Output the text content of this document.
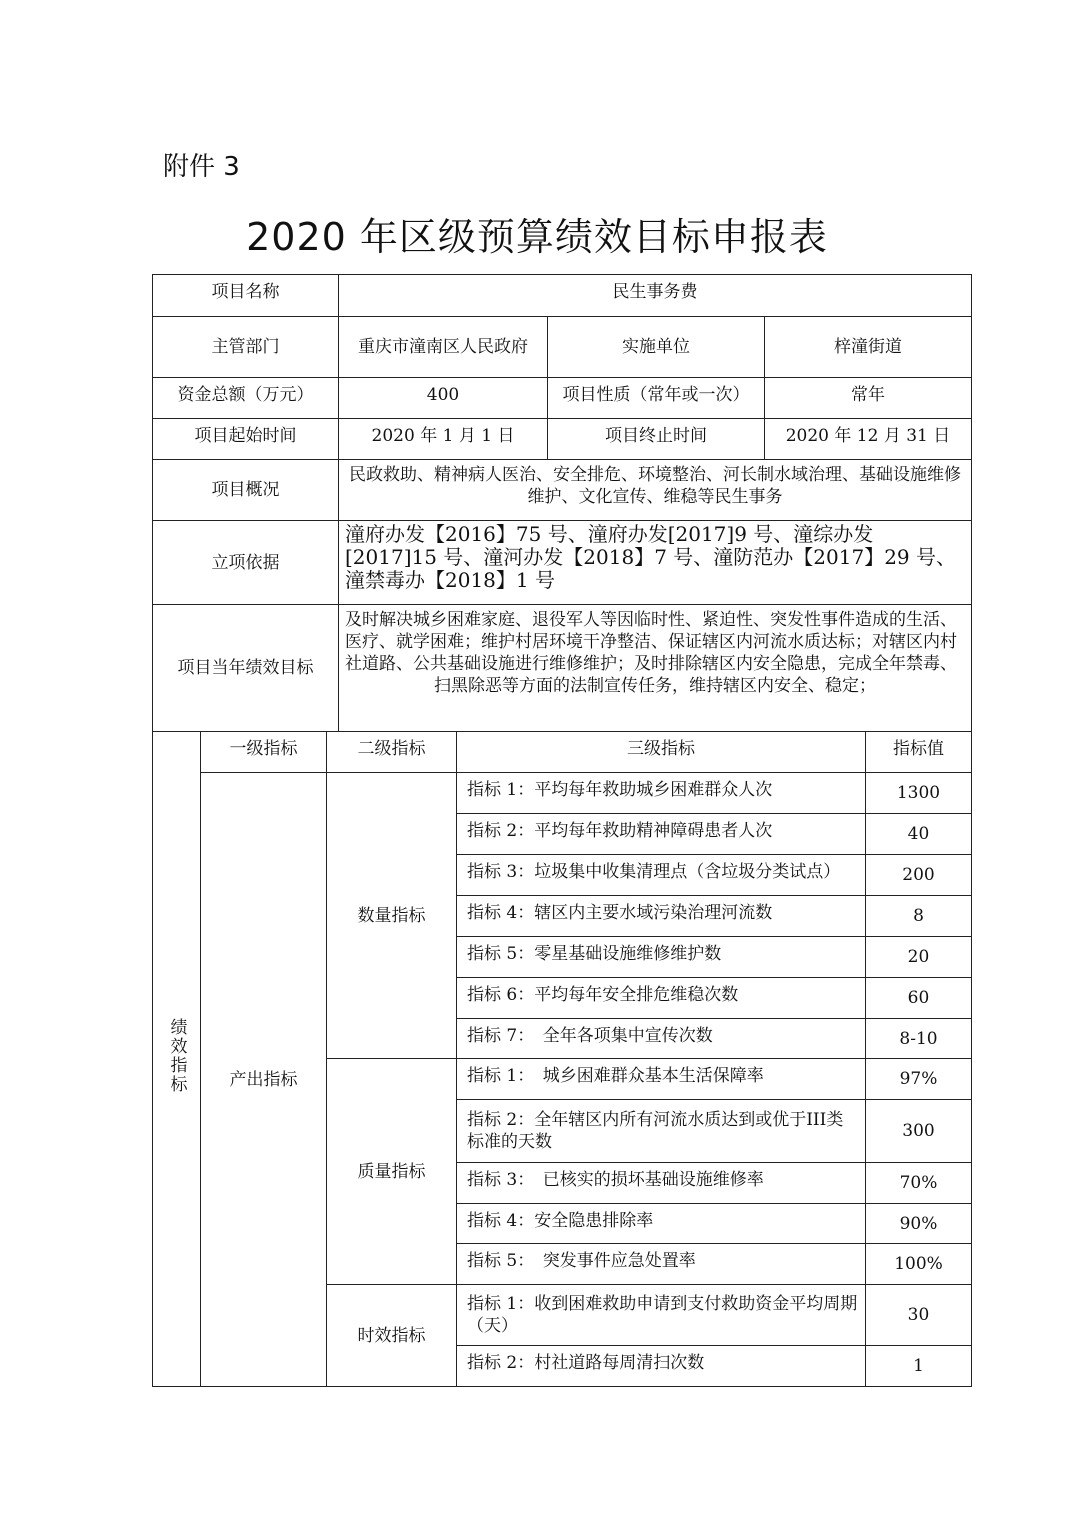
附件 3
2020 年区级预算绩效目标申报表
项目名称	民生事务费		
主管部门	重庆市潼南区人民政府	实施单位	梓潼街道
资金总额（万元）	400	项目性质（常年或一次）	常年
项目起始时间	2020 年 1 月 1 日	项目终止时间	2020 年 12 月 31 日
项目概况	民政救助、精神病人医治、安全排危、环境整治、河长制水域治理、基础设施维修维护、文化宣传、维稳等民生事务		
立项依据	潼府办发【2016】75 号、潼府办发[2017]9 号、潼综办发[2017]15 号、潼河办发【2018】7 号、潼防范办【2017】29 号、潼禁毒办【2018】1 号		
项目当年绩效目标	及时解决城乡困难家庭、退役军人等因临时性、紧迫性、突发性事件造成的生活、医疗、就学困难；维护村居环境干净整洁、保证辖区内河流水质达标；对辖区内村社道路、公共基础设施进行维修维护；及时排除辖区内安全隐患，完成全年禁毒、扫黑除恶等方面的法制宣传任务，维持辖区内安全、稳定；		
绩效指标	一级指标	二级指标	三级指标	指标值
	产出指标	数量指标	指标 1：平均每年救助城乡困难群众人次	1300
			指标 2：平均每年救助精神障碍患者人次	40
			指标 3：垃圾集中收集清理点（含垃圾分类试点）	200
			指标 4：辖区内主要水域污染治理河流数	8
			指标 5：零星基础设施维修维护数	20
			指标 6：平均每年安全排危维稳次数	60
			指标 7：　全年各项集中宣传次数	8-10
		质量指标	指标 1：　城乡困难群众基本生活保障率	97%
			指标 2：全年辖区内所有河流水质达到或优于III类标准的天数	300
			指标 3：　已核实的损坏基础设施维修率	70%
			指标 4：安全隐患排除率	90%
			指标 5：　突发事件应急处置率	100%
		时效指标	指标 1：收到困难救助申请到支付救助资金平均周期（天）	30
			指标 2：村社道路每周清扫次数	1
